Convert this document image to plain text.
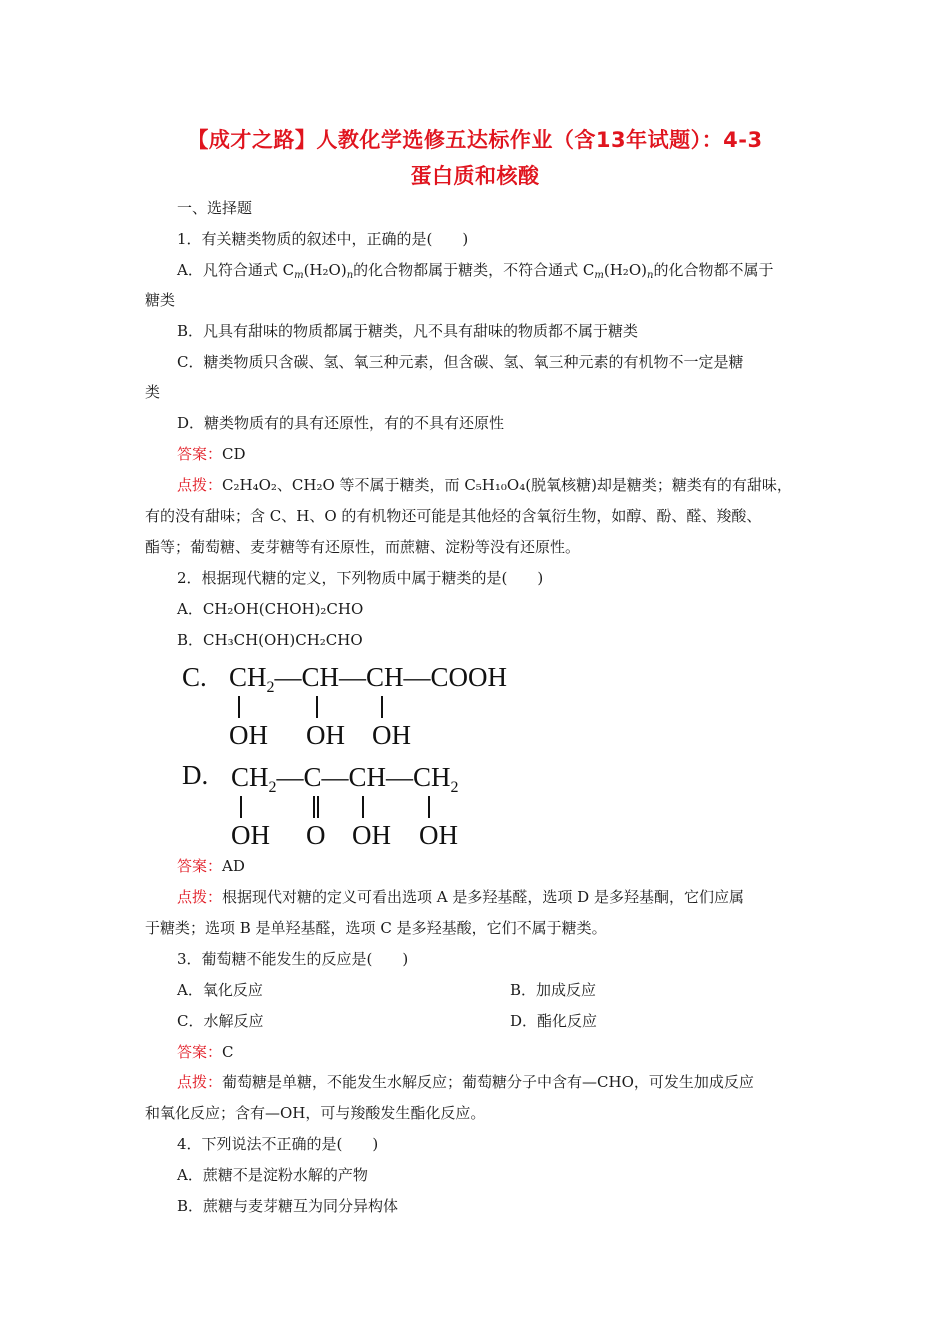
【成才之路】人教化学选修五达标作业（含13年试题）：4-3
蛋白质和核酸
一、选择题
1．有关糖类物质的叙述中，正确的是(　　)
A．凡符合通式 $C_m(H_2O)_n$的化合物都属于糖类，不符合通式 $C_m(H_2O)_n$的化合物都不属于
糖类
B．凡具有甜味的物质都属于糖类，凡不具有甜味的物质都不属于糖类
C．糖类物质只含碳、氢、氧三种元素，但含碳、氢、氧三种元素的有机物不一定是糖
类
D．糖类物质有的具有还原性，有的不具有还原性
答案：CD
点拨：C₂H₄O₂、CH₂O 等不属于糖类，而 C₅H₁₀O₄(脱氧核糖)却是糖类；糖类有的有甜味，
有的没有甜味；含 C、H、O 的有机物还可能是其他烃的含氧衍生物，如醇、酚、醛、羧酸、
酯等；葡萄糖、麦芽糖等有还原性，而蔗糖、淀粉等没有还原性。
2．根据现代糖的定义，下列物质中属于糖类的是(　　)
A．CH₂OH(CHOH)₂CHO
B．CH₃CH(OH)CH₂CHO
C. $CH_2—CH—CH—COOH$
OH OH OH
D. $CH_2—C—CH—CH_2$
OH O OH OH
答案：AD
点拨：根据现代对糖的定义可看出选项 A 是多羟基醛，选项 D 是多羟基酮，它们应属
于糖类；选项 B 是单羟基醛，选项 C 是多羟基酸，它们不属于糖类。
3．葡萄糖不能发生的反应是(　　)
A．氧化反应	B．加成反应
C．水解反应	D．酯化反应
答案：C
点拨：葡萄糖是单糖，不能发生水解反应；葡萄糖分子中含有—CHO，可发生加成反应
和氧化反应；含有—OH，可与羧酸发生酯化反应。
4．下列说法不正确的是(　　)
A．蔗糖不是淀粉水解的产物
B．蔗糖与麦芽糖互为同分异构体
